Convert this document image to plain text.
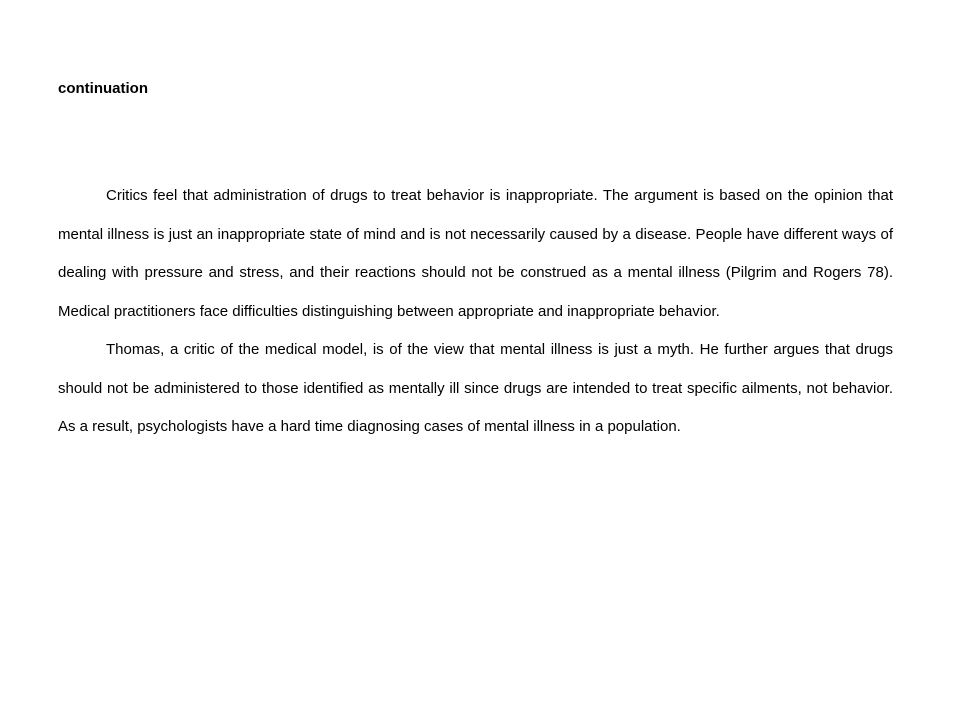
continuation

Critics feel that administration of drugs to treat behavior is inappropriate. The argument is based on the opinion that mental illness is just an inappropriate state of mind and is not necessarily caused by a disease. People have different ways of dealing with pressure and stress, and their reactions should not be construed as a mental illness (Pilgrim and Rogers 78). Medical practitioners face difficulties distinguishing between appropriate and inappropriate behavior.

Thomas, a critic of the medical model, is of the view that mental illness is just a myth. He further argues that drugs should not be administered to those identified as mentally ill since drugs are intended to treat specific ailments, not behavior. As a result, psychologists have a hard time diagnosing cases of mental illness in a population.
